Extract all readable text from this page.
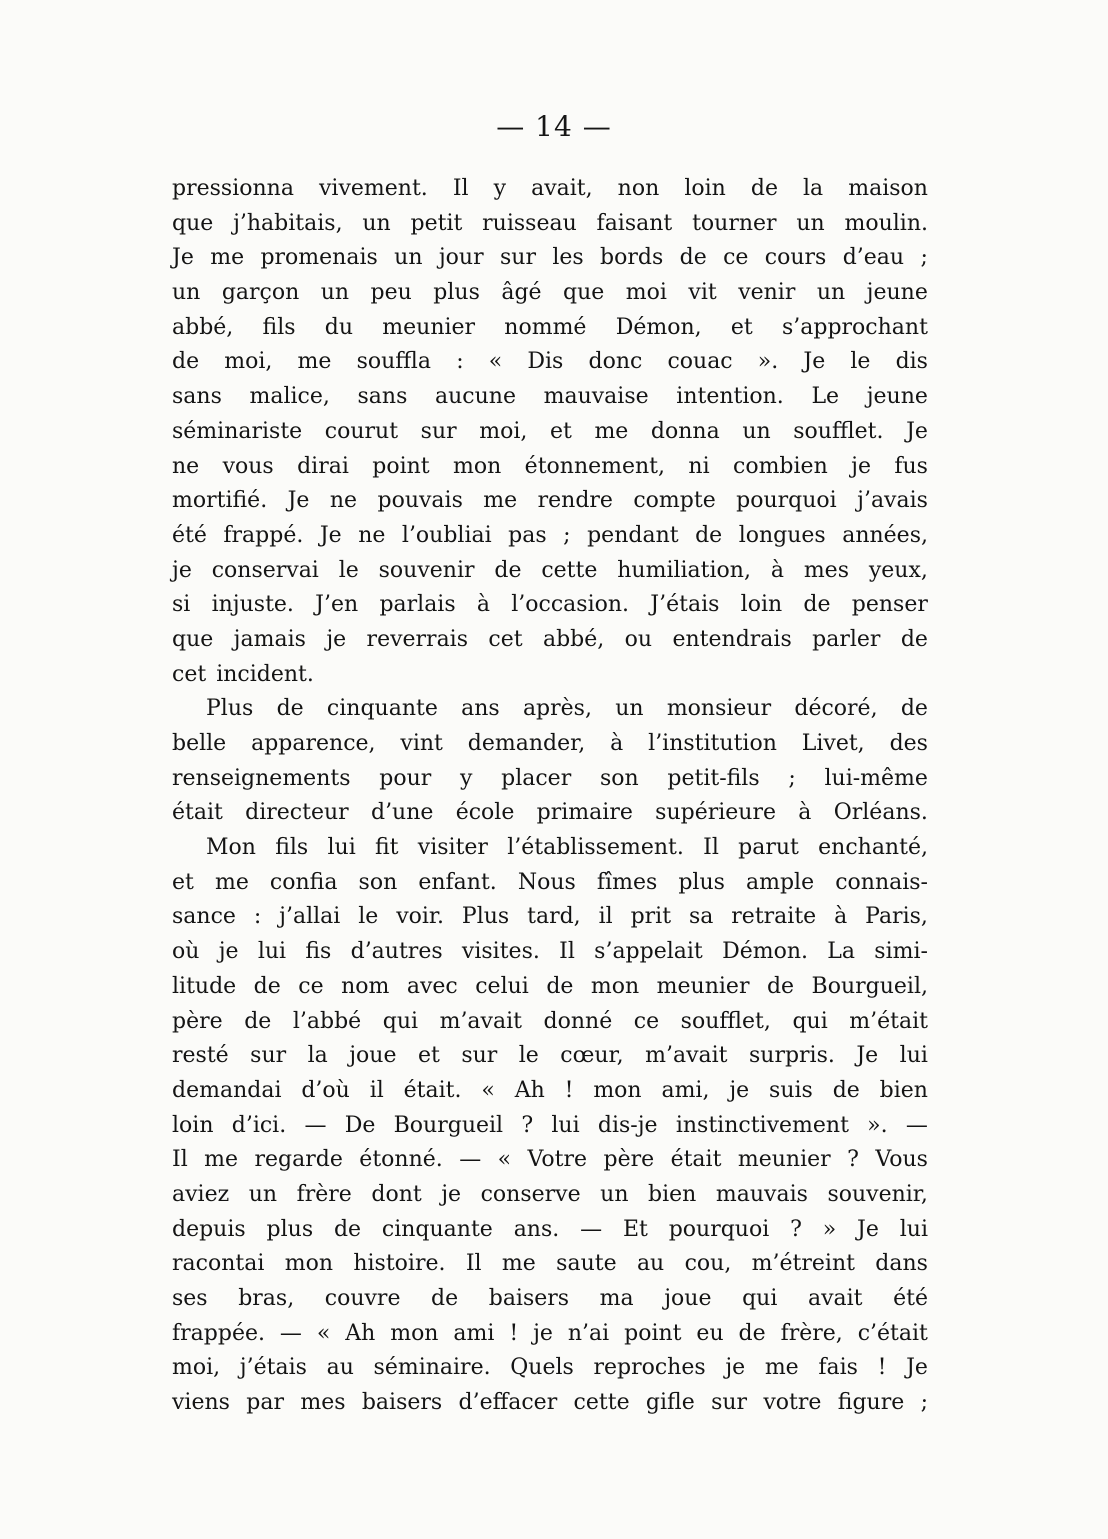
— 14 —
pressionna vivement. Il y avait, non loin de la maison
que j’habitais, un petit ruisseau faisant tourner un moulin.
Je me promenais un jour sur les bords de ce cours d’eau ;
un garçon un peu plus âgé que moi vit venir un jeune
abbé, fils du meunier nommé Démon, et s’approchant
de moi, me souffla : « Dis donc couac ». Je le dis
sans malice, sans aucune mauvaise intention. Le jeune
séminariste courut sur moi, et me donna un soufflet. Je
ne vous dirai point mon étonnement, ni combien je fus
mortifié. Je ne pouvais me rendre compte pourquoi j’avais
été frappé. Je ne l’oubliai pas ; pendant de longues années,
je conservai le souvenir de cette humiliation, à mes yeux,
si injuste. J’en parlais à l’occasion. J’étais loin de penser
que jamais je reverrais cet abbé, ou entendrais parler de
cet incident.
Plus de cinquante ans après, un monsieur décoré, de
belle apparence, vint demander, à l’institution Livet, des
renseignements pour y placer son petit-fils ; lui-même
était directeur d’une école primaire supérieure à Orléans.
Mon fils lui fit visiter l’établissement. Il parut enchanté,
et me confia son enfant. Nous fîmes plus ample connais-
sance : j’allai le voir. Plus tard, il prit sa retraite à Paris,
où je lui fis d’autres visites. Il s’appelait Démon. La simi-
litude de ce nom avec celui de mon meunier de Bourgueil,
père de l’abbé qui m’avait donné ce soufflet, qui m’était
resté sur la joue et sur le cœur, m’avait surpris. Je lui
demandai d’où il était. « Ah ! mon ami, je suis de bien
loin d’ici. — De Bourgueil ? lui dis-je instinctivement ». —
Il me regarde étonné. — « Votre père était meunier ? Vous
aviez un frère dont je conserve un bien mauvais souvenir,
depuis plus de cinquante ans. — Et pourquoi ? » Je lui
racontai mon histoire. Il me saute au cou, m’étreint dans
ses bras, couvre de baisers ma joue qui avait été
frappée. — « Ah mon ami ! je n’ai point eu de frère, c’était
moi, j’étais au séminaire. Quels reproches je me fais ! Je
viens par mes baisers d’effacer cette gifle sur votre figure ;
